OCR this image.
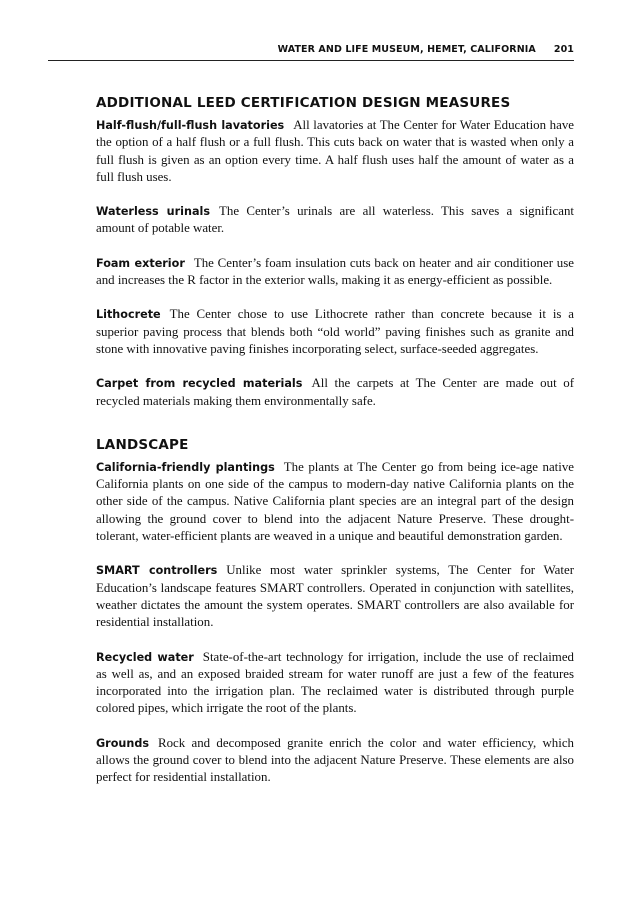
WATER AND LIFE MUSEUM, HEMET, CALIFORNIA 201
ADDITIONAL LEED CERTIFICATION DESIGN MEASURES

Half-flush/full-flush lavatories All lavatories at The Center for Water Education have the option of a half flush or a full flush. This cuts back on water that is wasted when only a full flush is given as an option every time. A half flush uses half the amount of water as a full flush uses.

Waterless urinals The Center’s urinals are all waterless. This saves a significant amount of potable water.

Foam exterior The Center’s foam insulation cuts back on heater and air conditioner use and increases the R factor in the exterior walls, making it as energy-efficient as possible.

Lithocrete The Center chose to use Lithocrete rather than concrete because it is a superior paving process that blends both “old world” paving finishes such as granite and stone with innovative paving finishes incorporating select, surface-seeded aggregates.

Carpet from recycled materials All the carpets at The Center are made out of recycled materials making them environmentally safe.

LANDSCAPE

California-friendly plantings The plants at The Center go from being ice-age native California plants on one side of the campus to modern-day native California plants on the other side of the campus. Native California plant species are an integral part of the design allowing the ground cover to blend into the adjacent Nature Preserve. These drought-tolerant, water-efficient plants are weaved in a unique and beautiful demonstration garden.

SMART controllers Unlike most water sprinkler systems, The Center for Water Education’s landscape features SMART controllers. Operated in conjunction with satellites, weather dictates the amount the system operates. SMART controllers are also available for residential installation.

Recycled water State-of-the-art technology for irrigation, include the use of reclaimed as well as, and an exposed braided stream for water runoff are just a few of the features incorporated into the irrigation plan. The reclaimed water is distributed through purple colored pipes, which irrigate the root of the plants.

Grounds Rock and decomposed granite enrich the color and water efficiency, which allows the ground cover to blend into the adjacent Nature Preserve. These elements are also perfect for residential installation.
